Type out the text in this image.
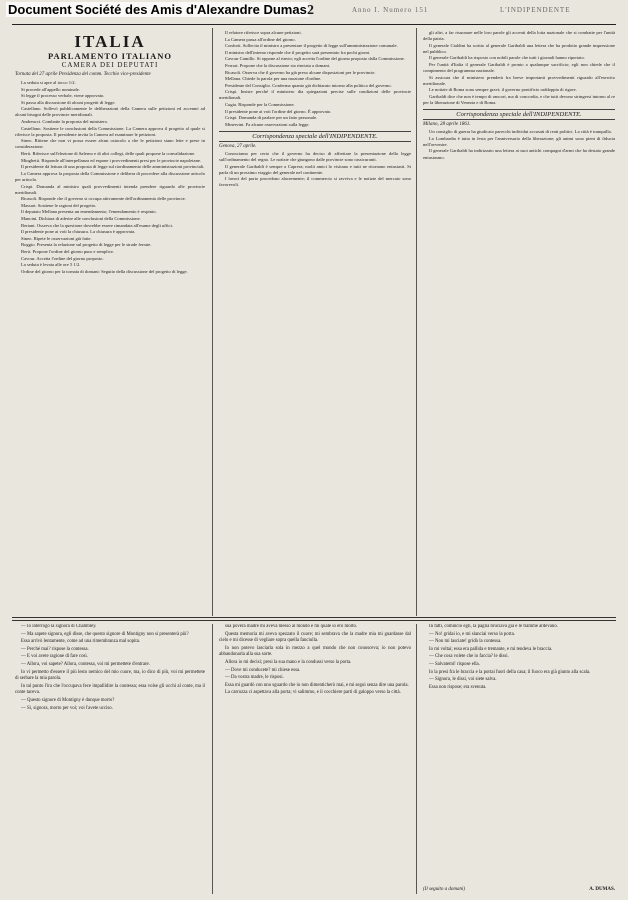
Document Société des Amis d'Alexandre Dumas 2	Anno I. Numero 151	L'INDIPENDENTE
ITALIA
PARLAMENTO ITALIANO
CAMERA DEI DEPUTATI
Tornata del 27 aprile Presidenza del comm. Tecchio vice-presidente

La seduta si apre al tocco 1/2.

Si procede all'appello nominale.

Si legge il processo verbale, viene approvato.

Si passa alla discussione di alcuni progetti di legge.

Castellano. Sollevò pubblicamente le deliberazioni della Camera sulle petizioni ed accennò ad alcuni bisogni delle provincie meridionali.

Andreucci. Combatte la proposta del ministero.

Castellano. Sostiene le conclusioni della Commissione. La Camera approva il progetto al quale si riferisce la proposta. Il presidente invita la Camera ad esaminare le petizioni.

Sineo. Ritiene che non vi possa essere alcun ostacolo a che le petizioni siano lette e prese in considerazione.

Berti. Riferisce sull'elezione di Salerno e di altri collegi, delle quali propone la convalidazione.

Minghetti. Risponde all'interpellanza ed espone i provvedimenti presi per le provincie napoletane.

Il presidente dà lettura di una proposta di legge sul riordinamento delle amministrazioni provinciali.

La Camera approva la proposta della Commissione e delibera di procedere alla discussione articolo per articolo.

Crispi. Domanda al ministro quali provvedimenti intenda prendere riguardo alle provincie meridionali.

Ricasoli. Risponde che il governo si occupa attivamente dell'ordinamento delle provincie.

Massari. Sostiene le ragioni del progetto.

Il deputato Mellana presenta un emendamento; l'emendamento è respinto.

Mancini. Dichiara di aderire alle conclusioni della Commissione.

Bertani. Osserva che la questione dovrebbe essere rimandata all'esame degli uffici.

Il presidente pone ai voti la chiusura. La chiusura è approvata.

Sineo. Ripete le osservazioni già fatte.

Boggio. Presenta la relazione sul progetto di legge per le strade ferrate.

Berti. Propone l'ordine del giorno puro e semplice.

Cavour. Accetta l'ordine del giorno proposto.

La seduta è levata alle ore 5 1/2.

Ordine del giorno per la tornata di domani: Seguito della discussione del progetto di legge.

Il relatore riferisce sopra alcune petizioni.

La Camera passa all'ordine del giorno.

Conforti. Sollecita il ministro a presentare il progetto di legge sull'amministrazione comunale.

Il ministro dell'interno risponde che il progetto sarà presentato fra pochi giorni.

Cavour Camillo. Si oppone al rinvio; egli accetta l'ordine del giorno proposto dalla Commissione.

Ferrari. Propone che la discussione sia rinviata a domani.

Ricasoli. Osserva che il governo ha già preso alcune disposizioni per le provincie.

Mellana. Chiede la parola per una mozione d'ordine.

Presidente del Consiglio. Conferma quanto già dichiarato intorno alla politica del governo.

Crispi. Insiste perché il ministero dia spiegazioni precise sulle condizioni delle provincie meridionali.

Cugia. Risponde per la Commissione.

Il presidente pone ai voti l'ordine del giorno. È approvato.

Crispi. Domanda di parlare per un fatto personale.

Minervini. Fa alcune osservazioni sulla legge.

Corrispondenza speciale dell'INDIPENDENTE.
Genova, 27 aprile.

Conosciamo per certo che il governo ha deciso di affrettare la presentazione della legge sull'ordinamento del regno. Le notizie che giungono dalle provincie sono rassicuranti.

Il generale Garibaldi è sempre a Caprera; molti amici lo visitano e tutti ne ritornano entusiasti. Si parla di un prossimo viaggio del generale nel continente.

I lavori del porto procedono alacremente; il commercio si ravviva e le notizie del mercato sono favorevoli.

gli altri, a far risuonare nelle loro parole gli accenti della lotta nazionale che si combatte per l'unità della patria.

Il generale Cialdini ha scritto al generale Garibaldi una lettera che ha prodotto grande impressione nel pubblico.

Il generale Garibaldi ha risposto con nobili parole che tutti i giornali hanno riportato.

Per l'unità d'Italia il generale Garibaldi è pronto a qualunque sacrificio; egli non chiede che il compimento del programma nazionale.

Si assicura che il ministero prenderà fra breve importanti provvedimenti riguardo all'esercito meridionale.

Le notizie di Roma sono sempre gravi; il governo pontificio raddoppia di rigore.

Garibaldi dice che non è tempo di rancori, ma di concordia, e che tutti devono stringersi intorno al re per la liberazione di Venezia e di Roma.

Corrispondenza speciale dell'INDIPENDENTE.
Milano, 28 aprile 1861.

Un consiglio di guerra ha giudicato parecchi individui accusati di reati politici. La città è tranquilla.

La Lombardia è tutta in festa per l'anniversario della liberazione; gli animi sono pieni di fiducia nell'avvenire.

Il generale Garibaldi ha indirizzato una lettera ai suoi antichi compagni d'armi che ha destato grande entusiasmo.

— Io interrogo la signora di Chambley.

— Ma sapete signora, egli disse, che questo signore di Montigny non si presenterà più?

Essa arrivò lentamente, come ad una rimembranza mal sopita.

— Perché mai? rispose la contessa.

— E voi avete ragione di fare così.

— Allora, voi sapete? Allora, contessa, voi mi permettete d'entrare.

Io vi permetto d'essere il più lesto nemico del mio cuore, ma, io dico di più, voi mi permettete di serbare la mia parola.

In tal punto l'ira che l'occupava fece impallidire la contessa; essa volse gli occhi al conte, ma il conte taceva.

— Questo signore di Montigny è dunque morto?

— Sì, signora, morto per voi; voi l'avete ucciso.

sua povera madre mi aveva messo al mondo e mi quale io ero morto.

Questa memoria mi aveva spezzato il cuore; mi sembrava che la madre mia mi guardasse dal cielo e mi dicesse di vegliare sopra quella fanciulla.

Io non potevo lasciarla sola in mezzo a quel mondo che non conosceva; io non potevo abbandonarla alla sua sorte.

Allora io mi decisi; presi la sua mano e la condussi verso la porta.

— Dove mi conducete? mi chiese essa.

— Da vostra madre, le risposi.

Essa mi guardò con uno sguardo che io non dimenticherò mai, e mi seguì senza dire una parola.

La carrozza ci aspettava alla porta; vi salimmo, e il cocchiere partì di galoppo verso la città.

In fatti, cominciò egli, la paglia bruciava già e le fiamme ardevano.

— No! gridai io, e mi slanciai verso la porta.

— Non mi lasciate! gridò la contessa.

Io mi voltai; essa era pallida e tremante, e mi tendeva le braccia.

— Che cosa volete che io faccia? le dissi.

— Salvatemi! rispose ella.

Io la presi fra le braccia e la portai fuori della casa; il fuoco era già giunto alla scala.

— Signora, le dissi, voi siete salva.

Essa non rispose; era svenuta.

(Il seguito a domani)	A. DUMAS.
